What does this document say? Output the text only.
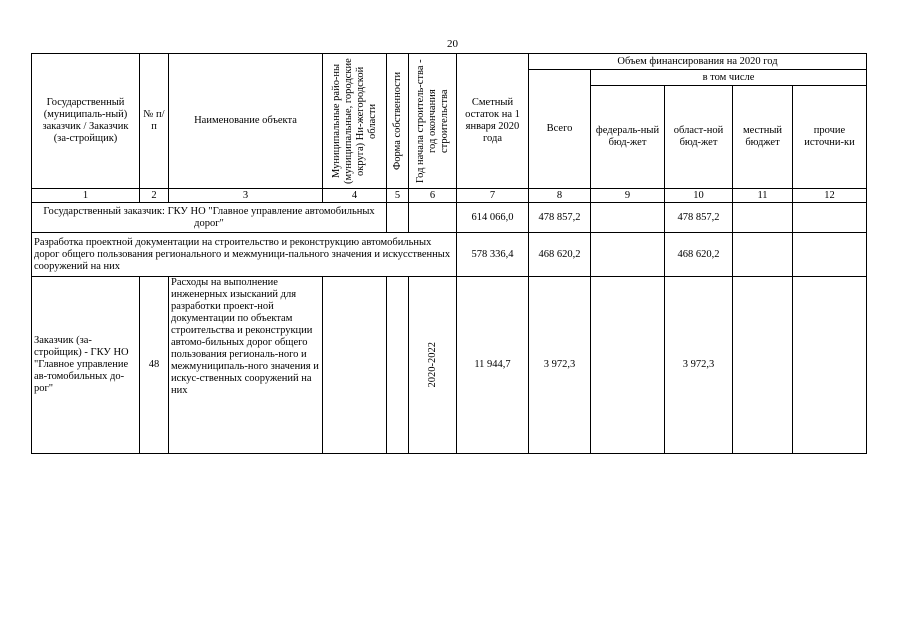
20
Государственный (муниципаль-ный) заказчик / Заказчик (за-стройщик)	№ п/ п	Наименование объекта	Муниципальные райо-ны (муниципальные, городские округа) Ни-жегородской области	Форма собственности	Год начала строитель-ства - год окончания строительства	Сметный остаток на 1 января 2020 года	Объем финансирования на 2020 год				
							Всего	в том числе			
								федераль-ный бюд-жет	област-ной бюд-жет	местный бюджет	прочие источни-ки
1	2	3	4	5	6	7	8	9	10	11	12
Государственный заказчик: ГКУ НО "Главное управление автомобильных дорог"						614 066,0	478 857,2		478 857,2		
Разработка проектной документации на строительство и реконструкцию автомобильных дорог общего пользования регионального и межмуници-пального значения и искусственных сооружений на них						578 336,4	468 620,2		468 620,2		
Заказчик (за-стройщик) - ГКУ НО "Главное управление ав-томобильных до-рог"	48	Расходы на выполнение инженерных изысканий для разработки проект-ной документации по объектам строительства и реконструкции автомо-бильных дорог общего пользования региональ-ного и межмуниципаль-ного значения и искус-ственных сооружений на них			2020-2022	11 944,7	3 972,3		3 972,3		
